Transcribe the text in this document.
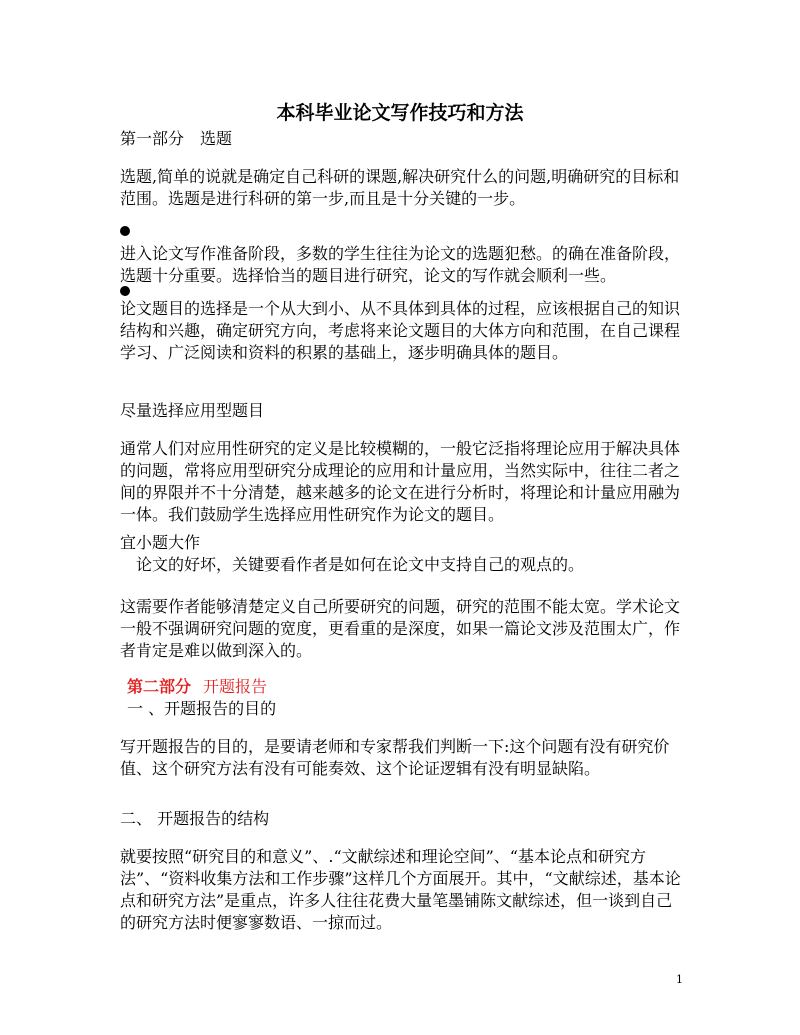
本科毕业论文写作技巧和方法

第一部分　选题

选题,简单的说就是确定自己科研的课题,解决研究什么的问题,明确研究的目标和范围。选题是进行科研的第一步,而且是十分关键的一步。

进入论文写作准备阶段，多数的学生往往为论文的选题犯愁。的确在准备阶段，选题十分重要。选择恰当的题目进行研究，论文的写作就会顺利一些。

论文题目的选择是一个从大到小、从不具体到具体的过程，应该根据自己的知识结构和兴趣，确定研究方向，考虑将来论文题目的大体方向和范围，在自己课程学习、广泛阅读和资料的积累的基础上，逐步明确具体的题目。

尽量选择应用型题目

通常人们对应用性研究的定义是比较模糊的，一般它泛指将理论应用于解决具体的问题，常将应用型研究分成理论的应用和计量应用，当然实际中，往往二者之间的界限并不十分清楚，越来越多的论文在进行分析时，将理论和计量应用融为一体。我们鼓励学生选择应用性研究作为论文的题目。

宜小题大作

论文的好坏，关键要看作者是如何在论文中支持自己的观点的。

这需要作者能够清楚定义自己所要研究的问题，研究的范围不能太宽。学术论文一般不强调研究问题的宽度，更看重的是深度，如果一篇论文涉及范围太广，作者肯定是难以做到深入的。

第二部分 开题报告

一 、开题报告的目的

写开题报告的目的，是要请老师和专家帮我们判断一下:这个问题有没有研究价值、这个研究方法有没有可能奏效、这个论证逻辑有没有明显缺陷。

二、 开题报告的结构

就要按照“研究目的和意义”、.“文献综述和理论空间”、“基本论点和研究方法”、“资料收集方法和工作步骤”这样几个方面展开。其中，“文献综述，基本论点和研究方法”是重点，许多人往往花费大量笔墨铺陈文献综述，但一谈到自己的研究方法时便寥寥数语、一掠而过。

1
